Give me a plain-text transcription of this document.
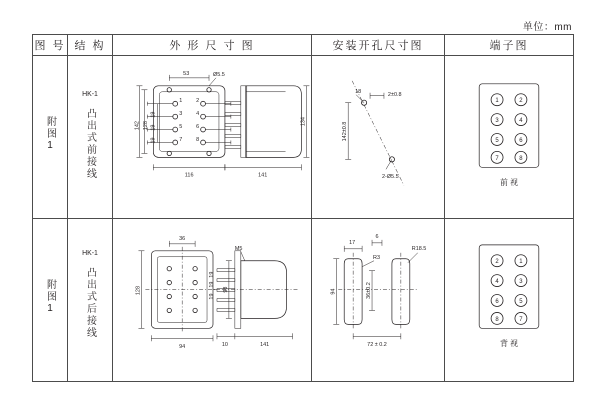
单位：mm
图 号	结 构	外 形 尺 寸 图	安装开孔尺寸图	端子图
附图1	
HK-1
凸出式前接线

1	2
3	4
5	6
7	8
53	Ø5.5
142 128
19
19
19
116
134
141

18	2±0.8
142±0.8
2-Ø5.5

1	2
3	4
5	6
7	8
前 视

附图1	
HK-1
凸出式后接线

36
128
94
M5
98
19
19
19
10	141

17
6
R18.5
R3
94	36±0.2
72 ± 0.2

2	1
4	3
6	5
8	7
背 视
